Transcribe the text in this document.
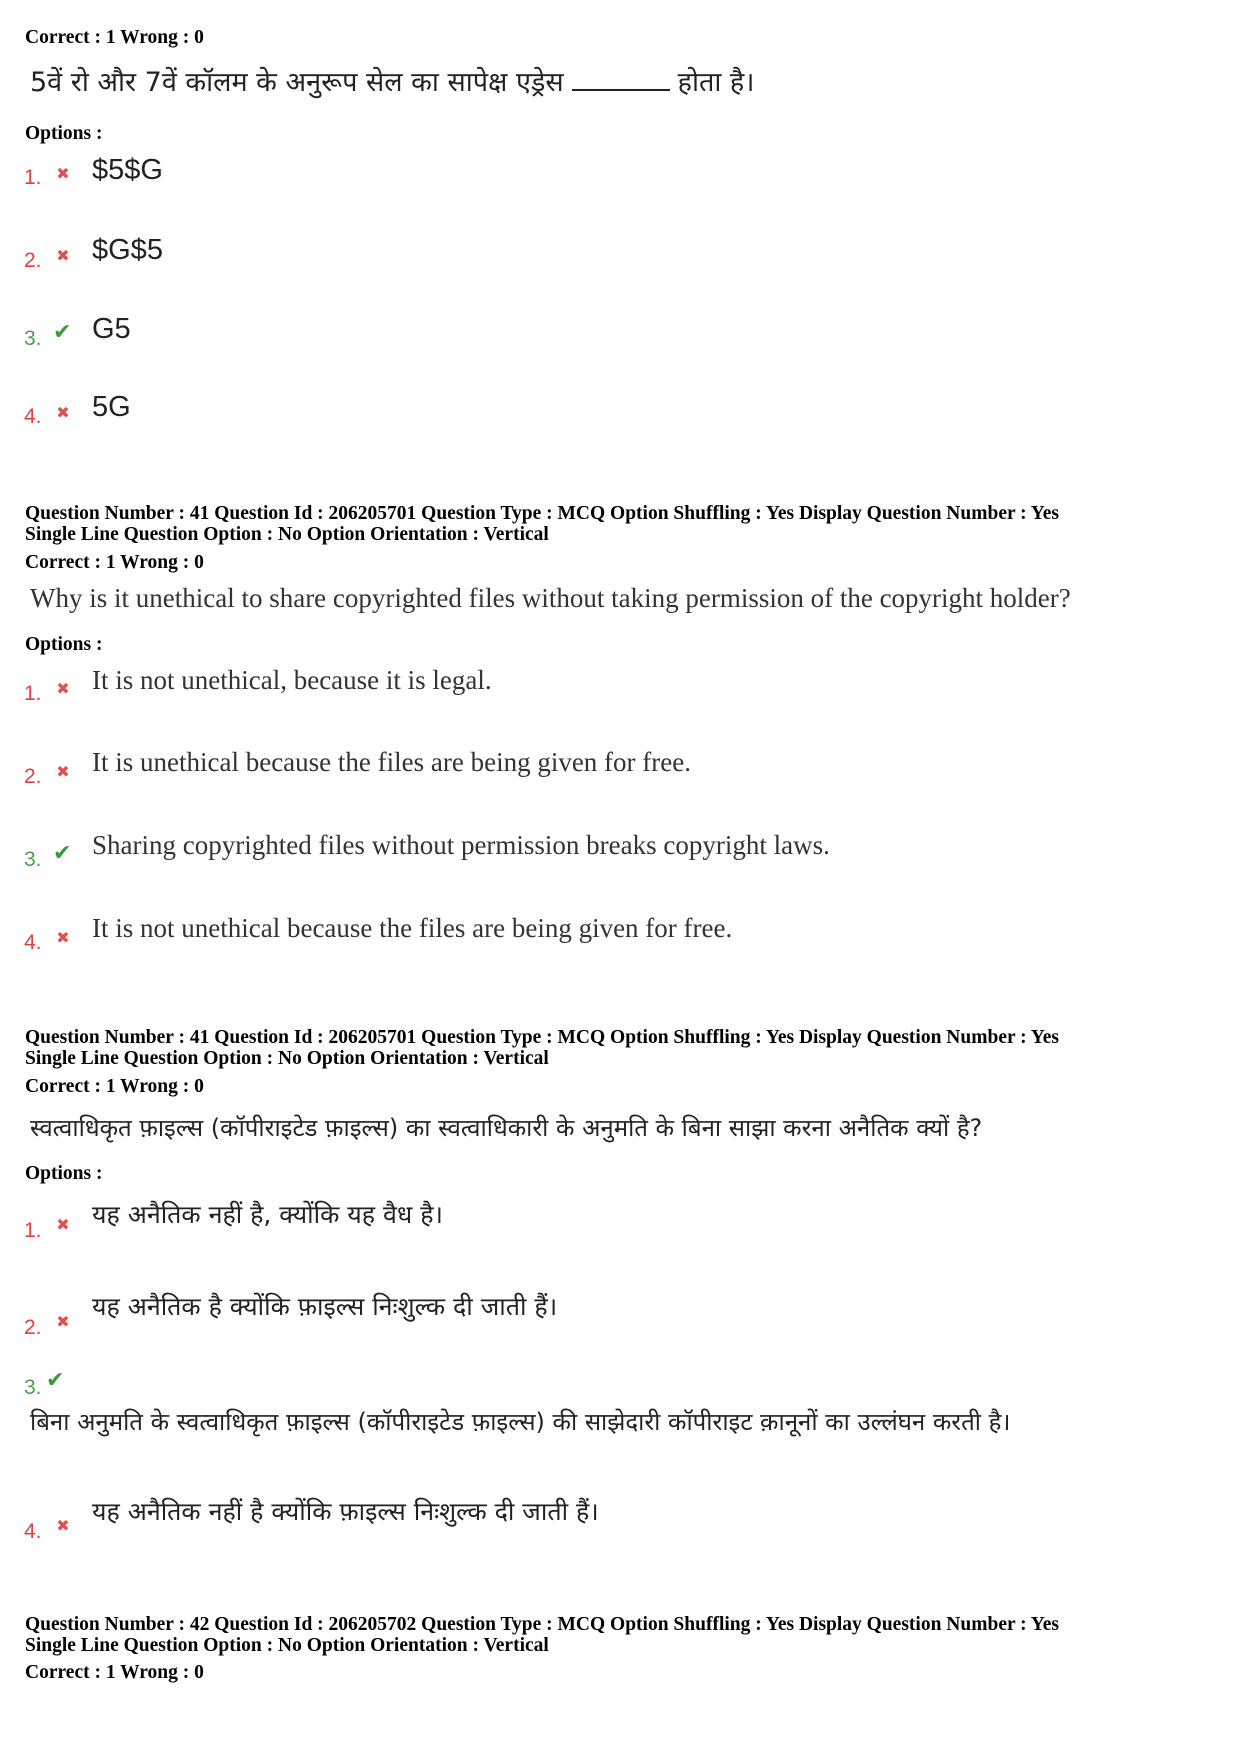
Correct : 1 Wrong : 0
5वें रो और 7वें कॉलम के अनुरूप सेल का सापेक्ष एड्रेस	होता है।
Options :
1. ✖ $5$G
2. ✖ $G$5
3. ✔ G5
4. ✖ 5G
Question Number : 41 Question Id : 206205701 Question Type : MCQ Option Shuffling : Yes Display Question Number : Yes
Single Line Question Option : No Option Orientation : Vertical
Correct : 1 Wrong : 0
Why is it unethical to share copyrighted files without taking permission of the copyright holder?
Options :
1. ✖ It is not unethical, because it is legal.
2. ✖ It is unethical because the files are being given for free.
3. ✔ Sharing copyrighted files without permission breaks copyright laws.
4. ✖ It is not unethical because the files are being given for free.
Question Number : 41 Question Id : 206205701 Question Type : MCQ Option Shuffling : Yes Display Question Number : Yes
Single Line Question Option : No Option Orientation : Vertical
Correct : 1 Wrong : 0
स्वत्वाधिकृत फ़ाइल्स (कॉपीराइटेड फ़ाइल्स) का स्वत्वाधिकारी के अनुमति के बिना साझा करना अनैतिक क्यों है?
Options :
1. ✖ यह अनैतिक नहीं है, क्योंकि यह वैध है।
2. ✖
यह अनैतिक है क्योंकि फ़ाइल्स निःशुल्क दी जाती हैं।
3. ✔
बिना अनुमति के स्वत्वाधिकृत फ़ाइल्स (कॉपीराइटेड फ़ाइल्स) की साझेदारी कॉपीराइट क़ानूनों का उल्लंघन करती है।
4. ✖ यह अनैतिक नहीं है क्योंकि फ़ाइल्स निःशुल्क दी जाती हैं।
Question Number : 42 Question Id : 206205702 Question Type : MCQ Option Shuffling : Yes Display Question Number : Yes
Single Line Question Option : No Option Orientation : Vertical
Correct : 1 Wrong : 0
